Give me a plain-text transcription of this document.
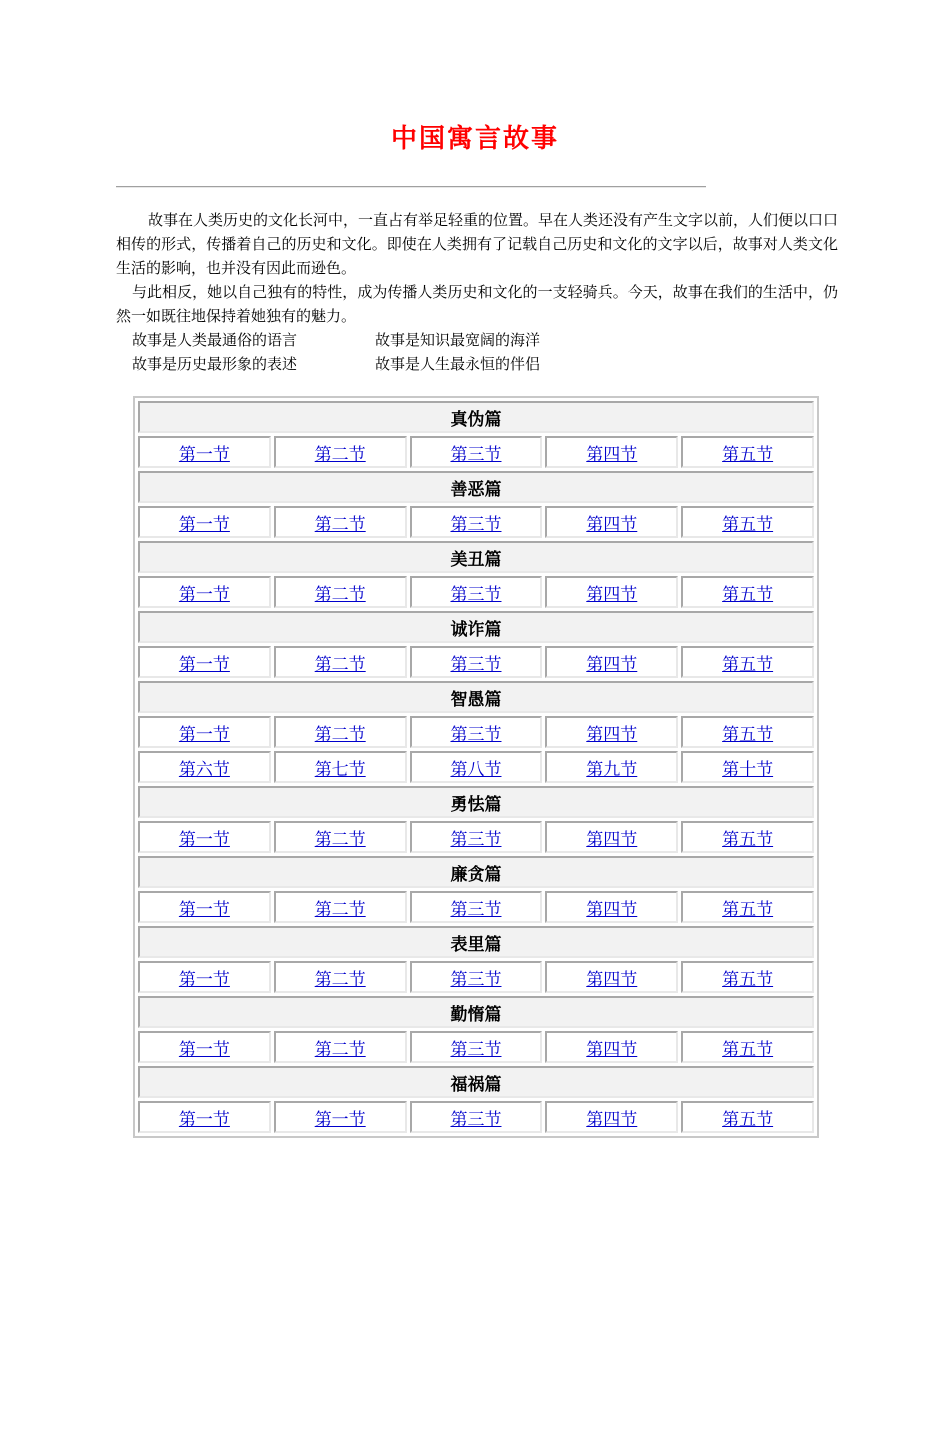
中国寓言故事

故事在人类历史的文化长河中，一直占有举足轻重的位置。早在人类还没有产生文字以前，人们便以口口相传的形式，传播着自己的历史和文化。即使在人类拥有了记载自己历史和文化的文字以后，故事对人类文化生活的影响，也并没有因此而逊色。

与此相反，她以自己独有的特性，成为传播人类历史和文化的一支轻骑兵。今天，故事在我们的生活中，仍然一如既往地保持着她独有的魅力。

故事是人类最通俗的语言	故事是知识最宽阔的海洋
故事是历史最形象的表述	故事是人生最永恒的伴侣
真伪篇				
第一节	第二节	第三节	第四节	第五节
善恶篇				
第一节	第二节	第三节	第四节	第五节
美丑篇				
第一节	第二节	第三节	第四节	第五节
诚诈篇				
第一节	第二节	第三节	第四节	第五节
智愚篇				
第一节	第二节	第三节	第四节	第五节
第六节	第七节	第八节	第九节	第十节
勇怯篇				
第一节	第二节	第三节	第四节	第五节
廉贪篇				
第一节	第二节	第三节	第四节	第五节
表里篇				
第一节	第二节	第三节	第四节	第五节
勤惰篇				
第一节	第二节	第三节	第四节	第五节
福祸篇				
第一节	第一节	第三节	第四节	第五节
